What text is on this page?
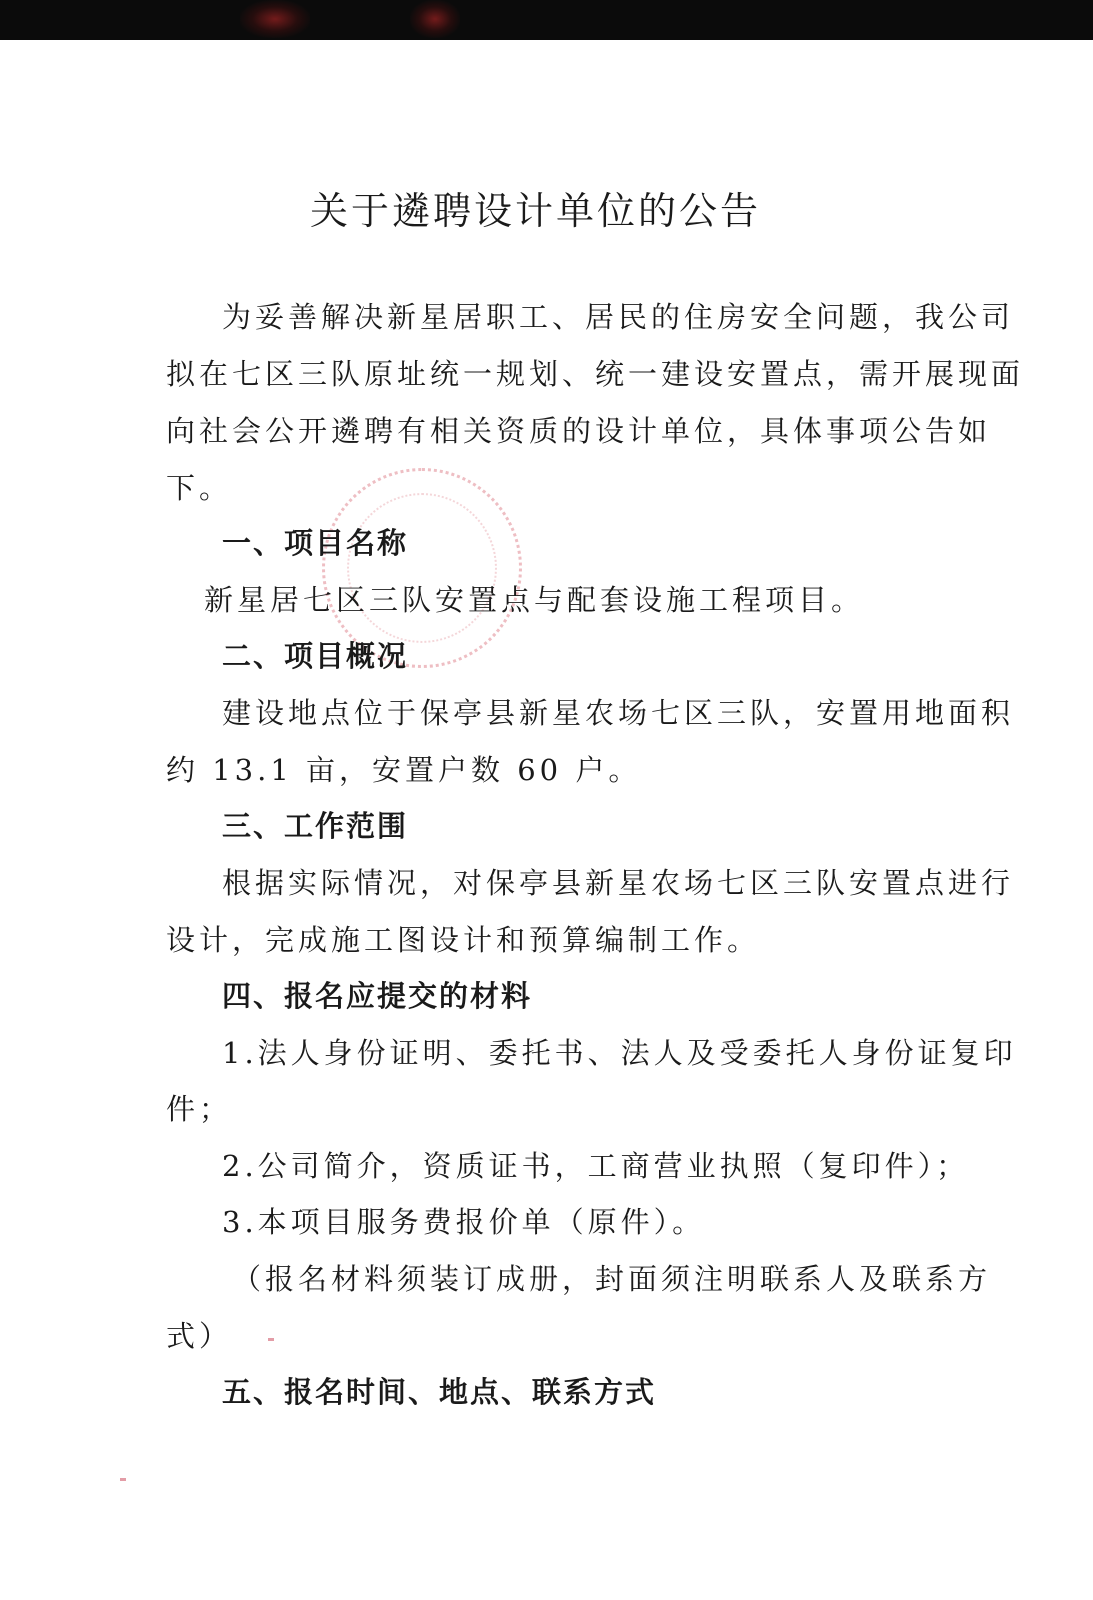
关于遴聘设计单位的公告
为妥善解决新星居职工、居民的住房安全问题，我公司
拟在七区三队原址统一规划、统一建设安置点，需开展现面
向社会公开遴聘有相关资质的设计单位，具体事项公告如
下。
一、项目名称
新星居七区三队安置点与配套设施工程项目。
二、项目概况
建设地点位于保亭县新星农场七区三队，安置用地面积
约 13.1 亩，安置户数 60 户。
三、工作范围
根据实际情况，对保亭县新星农场七区三队安置点进行
设计，完成施工图设计和预算编制工作。
四、报名应提交的材料
1.法人身份证明、委托书、法人及受委托人身份证复印
件；
2.公司简介，资质证书，工商营业执照（复印件）；
3.本项目服务费报价单（原件）。
（报名材料须装订成册，封面须注明联系人及联系方
式）
五、报名时间、地点、联系方式
